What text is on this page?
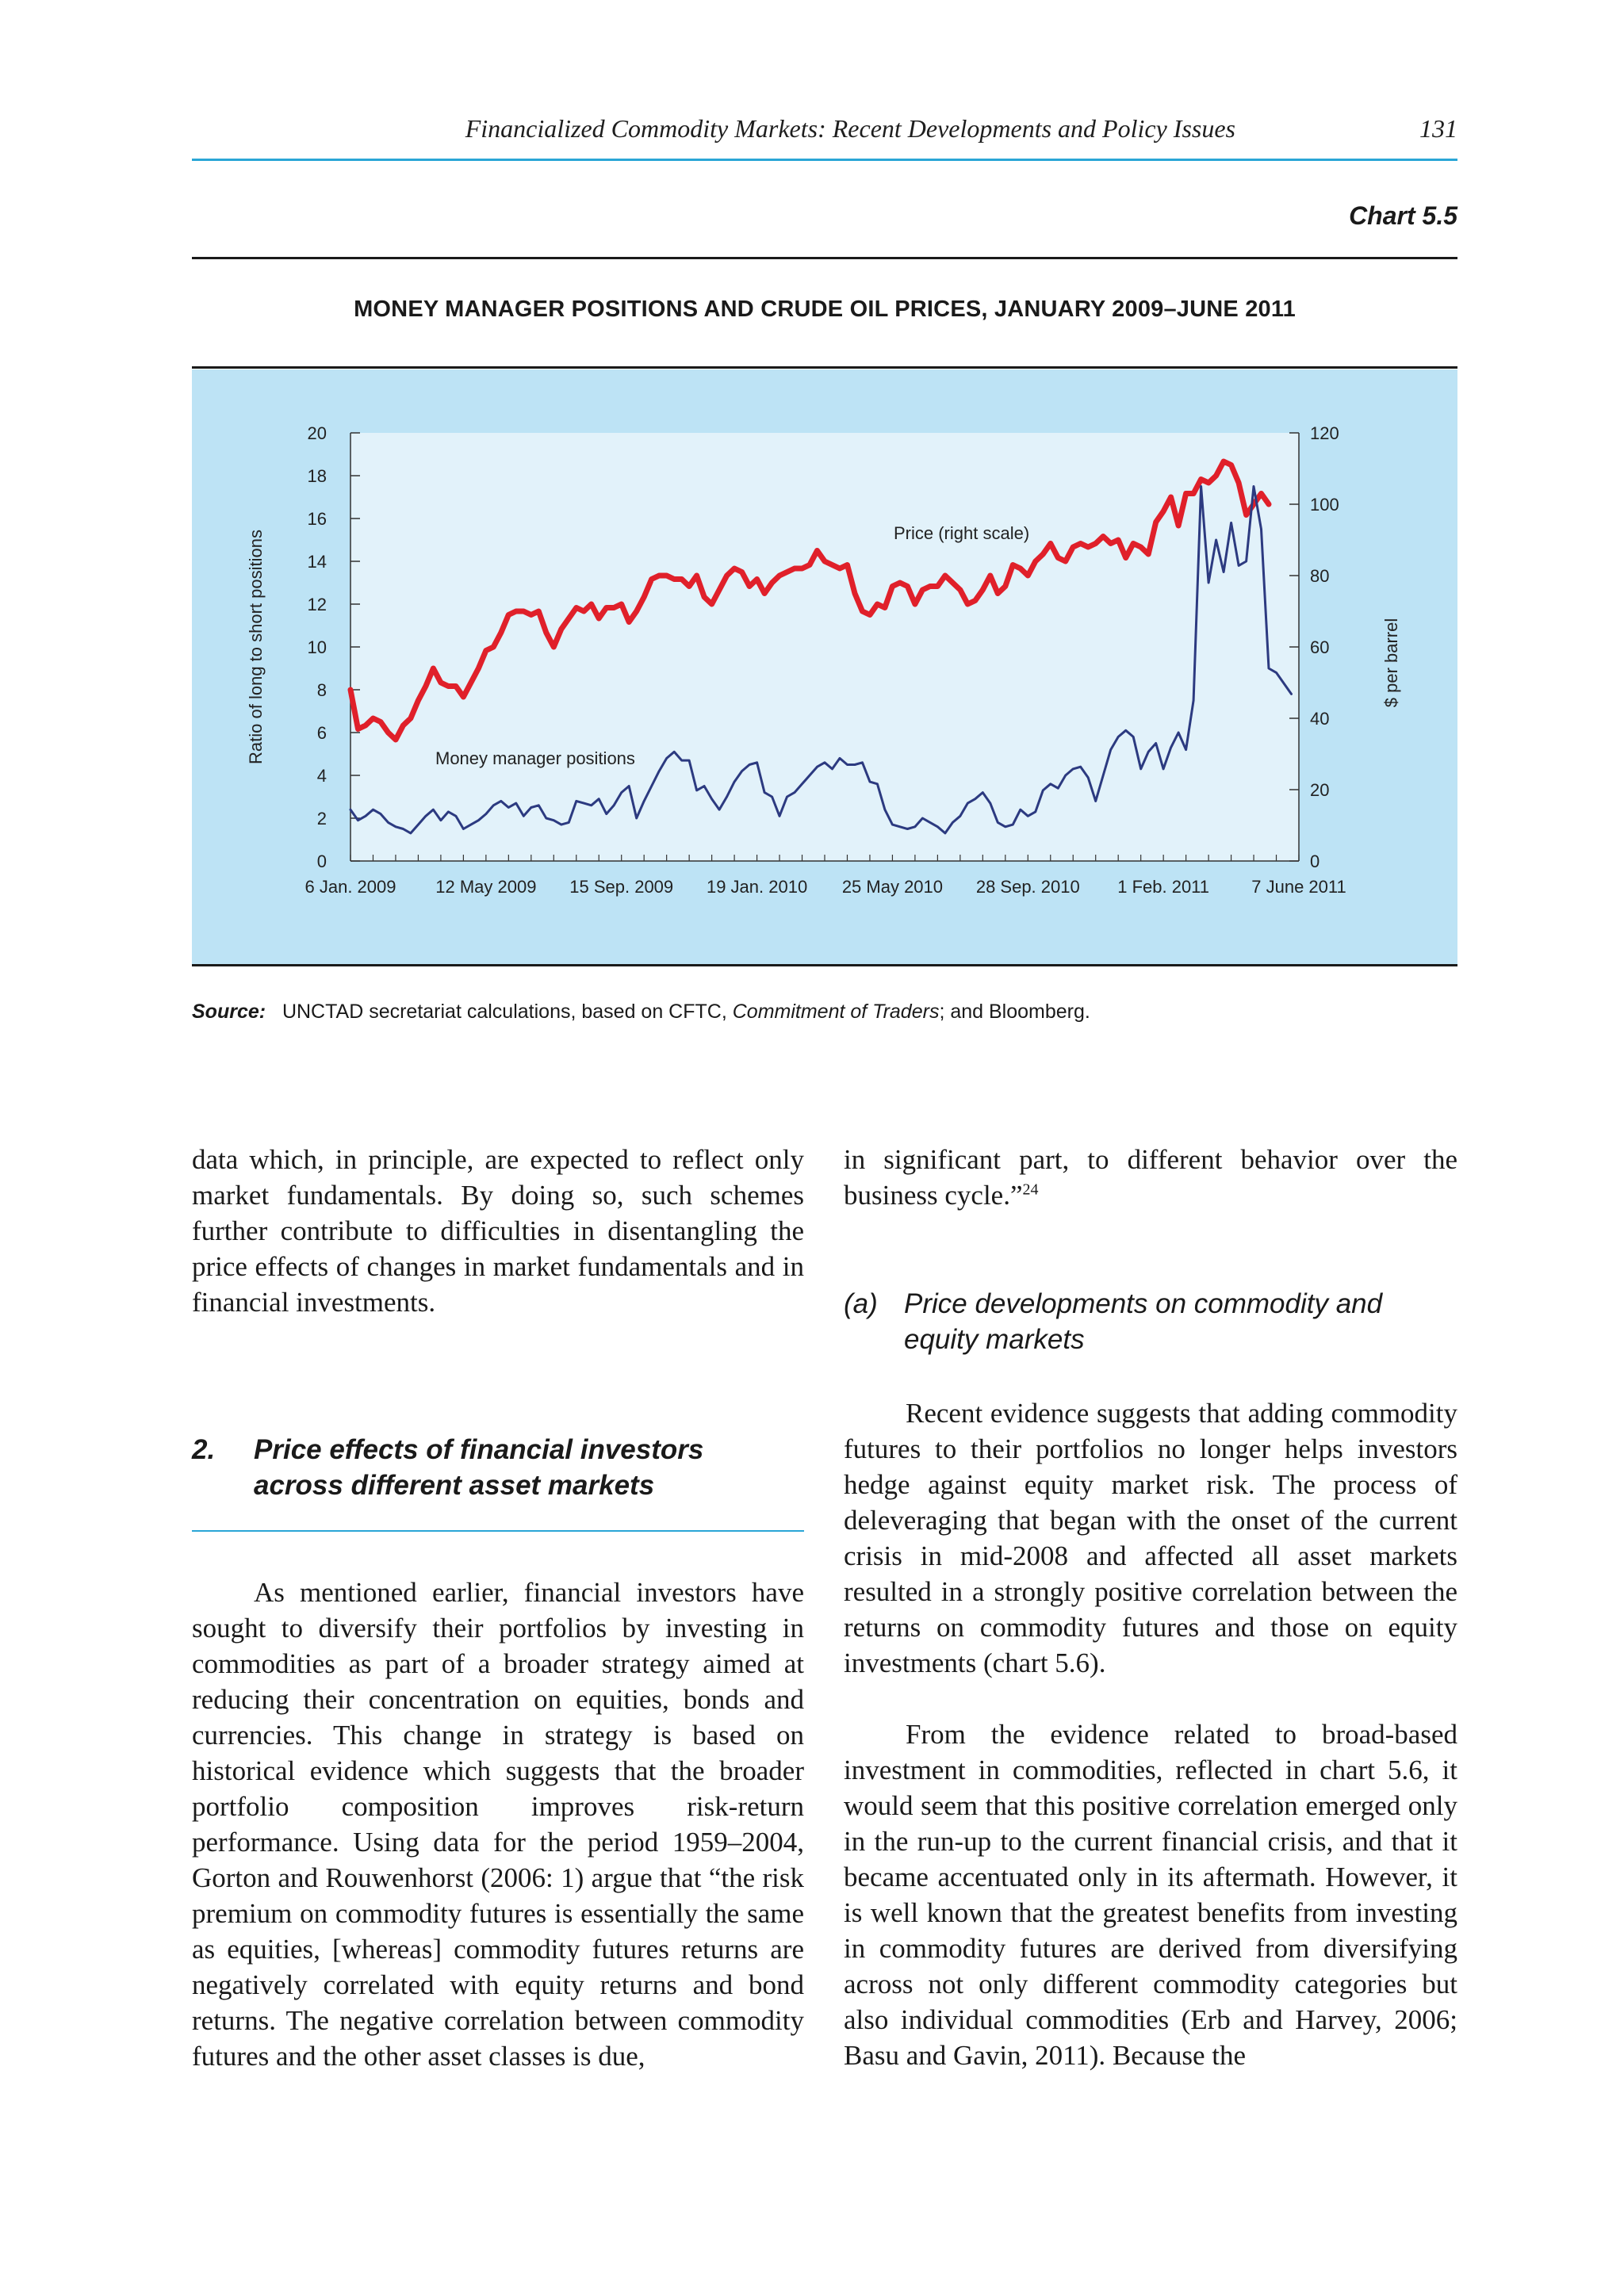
Financialized Commodity Markets: Recent Developments and Policy Issues	131
Chart 5.5
MONEY MANAGER POSITIONS AND CRUDE OIL PRICES, JANUARY 2009–JUNE 2011
0
2
4
6
8
10
12
14
16
18
20
0
20
40
60
80
100
120
6 Jan. 2009 12 May 2009 15 Sep. 2009 19 Jan. 2010 25 May 2010 28 Sep. 2010 1 Feb. 2011 7 June 2011
Ratio of long to short positions	$ per barrel
Price (right scale)
Money manager positions
Source: UNCTAD secretariat calculations, based on CFTC, Commitment of Traders; and Bloomberg.

data which, in principle, are expected to reflect only market fundamentals. By doing so, such schemes further contribute to difficulties in disentangling the price effects of changes in market fundamentals and in financial investments.

2. Price effects of financial investors
across different asset markets

As mentioned earlier, financial investors have sought to diversify their portfolios by investing in commodities as part of a broader strategy aimed at reducing their concentration on equities, bonds and currencies. This change in strategy is based on historical evidence which suggests that the broader portfolio composition improves risk-return performance. Using data for the period 1959–2004, Gorton and Rouwenhorst (2006: 1) argue that “the risk premium on commodity futures is essentially the same as equities, [whereas] commodity futures returns are negatively correlated with equity returns and bond returns. The negative correlation between commodity futures and the other asset classes is due,

in significant part, to different behavior over the business cycle.”$^{24}$

(a) Price developments on commodity and
equity markets

Recent evidence suggests that adding commodity futures to their portfolios no longer helps investors hedge against equity market risk. The process of deleveraging that began with the onset of the current crisis in mid-2008 and affected all asset markets resulted in a strongly positive correlation between the returns on commodity futures and those on equity investments (chart 5.6).

From the evidence related to broad-based investment in commodities, reflected in chart 5.6, it would seem that this positive correlation emerged only in the run-up to the current financial crisis, and that it became accentuated only in its aftermath. However, it is well known that the greatest benefits from investing in commodity futures are derived from diversifying across not only different commodity categories but also individual commodities (Erb and Harvey, 2006; Basu and Gavin, 2011). Because the
